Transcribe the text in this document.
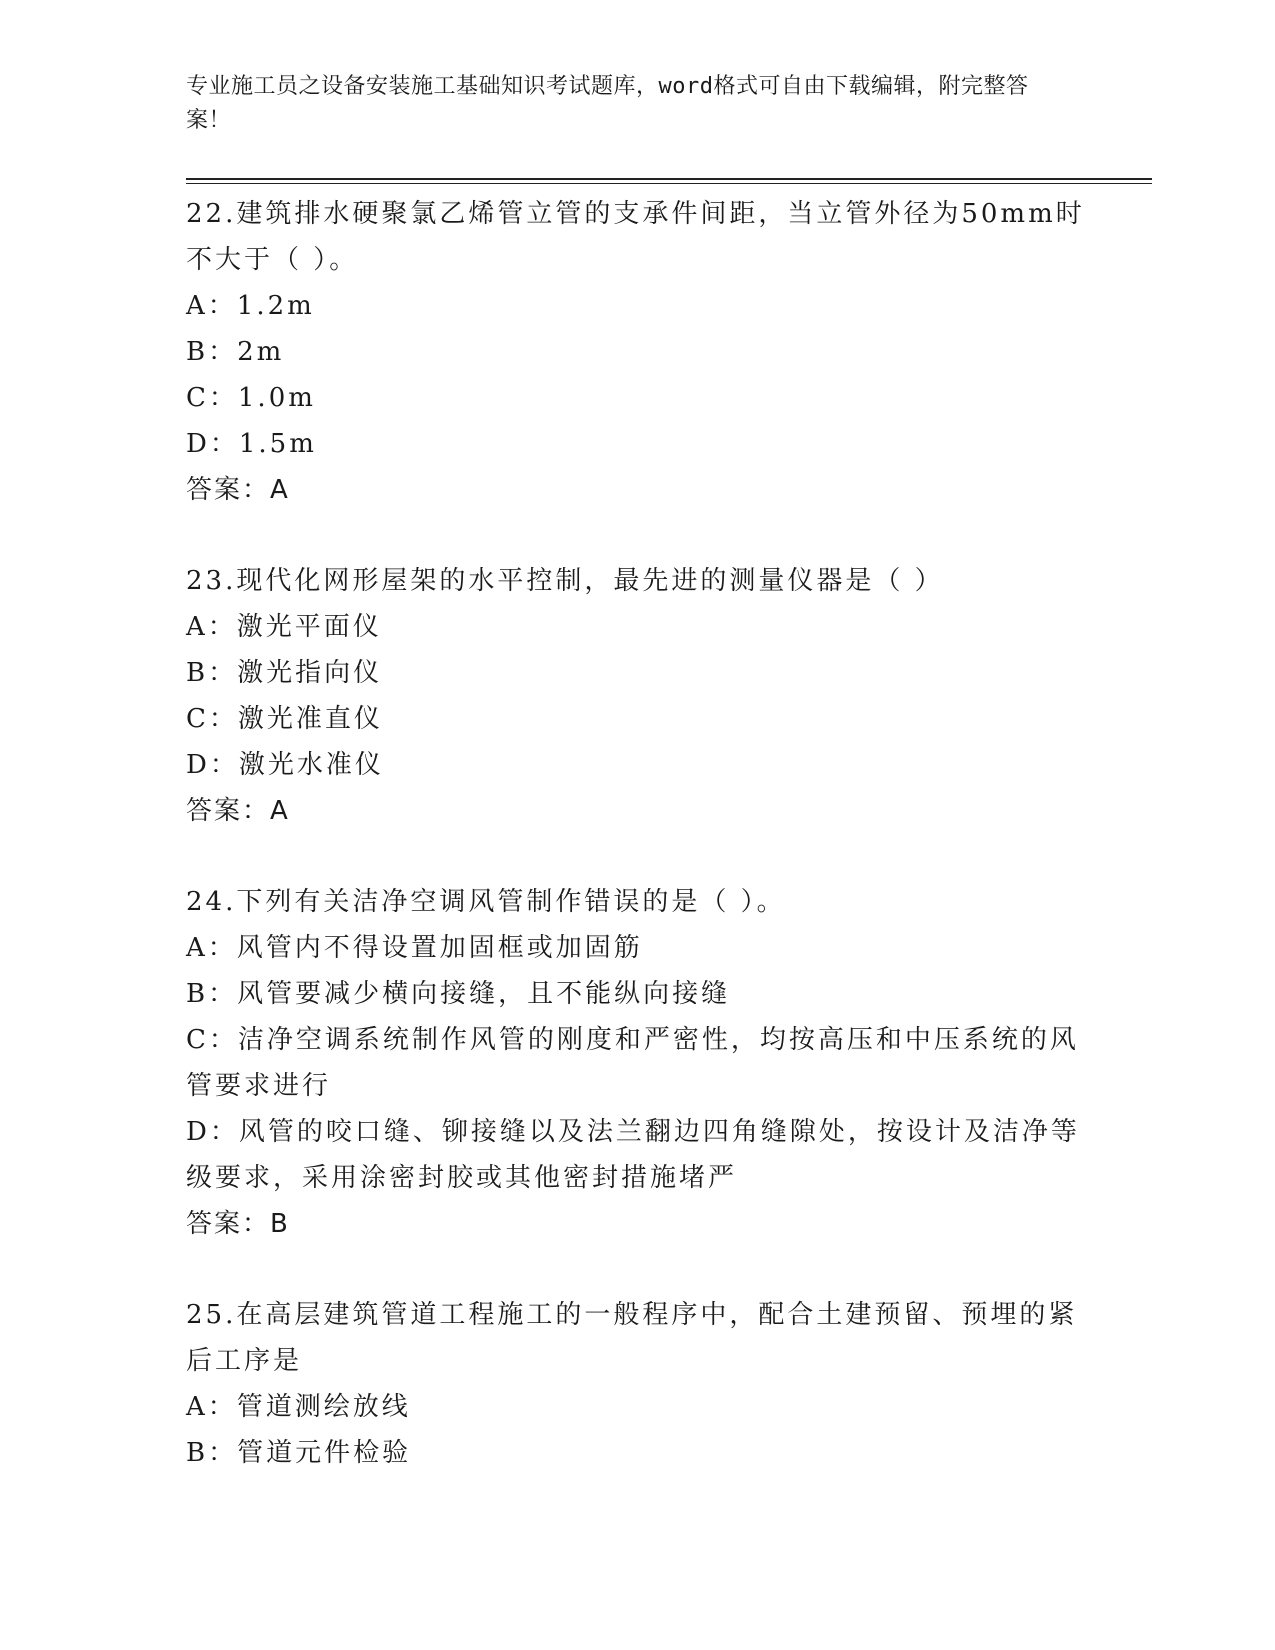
专业施工员之设备安装施工基础知识考试题库，word格式可自由下载编辑，附完整答案！

22.建筑排水硬聚氯乙烯管立管的支承件间距，当立管外径为50mm时不大于（ ）。

A：1.2m

B：2m

C：1.0m

D：1.5m

答案：A

23.现代化网形屋架的水平控制，最先进的测量仪器是（ ）

A：激光平面仪

B：激光指向仪

C：激光准直仪

D：激光水准仪

答案：A

24.下列有关洁净空调风管制作错误的是（ ）。

A：风管内不得设置加固框或加固筋

B：风管要减少横向接缝，且不能纵向接缝

C：洁净空调系统制作风管的刚度和严密性，均按高压和中压系统的风管要求进行

D：风管的咬口缝、铆接缝以及法兰翻边四角缝隙处，按设计及洁净等级要求，采用涂密封胶或其他密封措施堵严

答案：B

25.在高层建筑管道工程施工的一般程序中，配合土建预留、预埋的紧后工序是

A：管道测绘放线

B：管道元件检验
